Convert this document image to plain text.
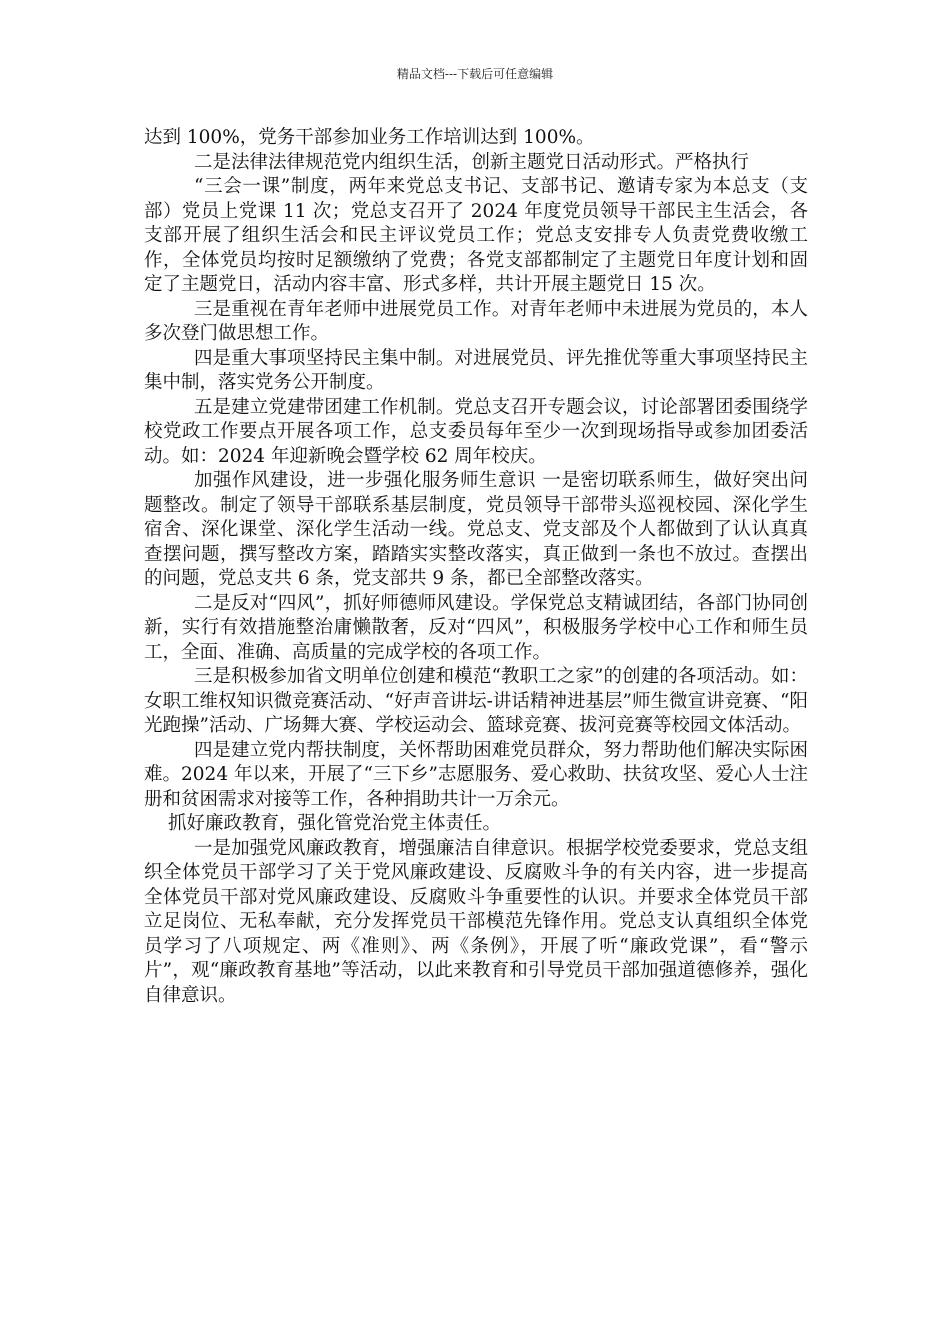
精品文档---下载后可任意编辑

达到 100%，党务干部参加业务工作培训达到 100%。

二是法律法律规范党内组织生活，创新主题党日活动形式。严格执行

“三会一课”制度，两年来党总支书记、支部书记、邀请专家为本总支（支部）党员上党课 11 次；党总支召开了 2024 年度党员领导干部民主生活会，各支部开展了组织生活会和民主评议党员工作；党总支安排专人负责党费收缴工作，全体党员均按时足额缴纳了党费；各党支部都制定了主题党日年度计划和固定了主题党日，活动内容丰富、形式多样，共计开展主题党日 15 次。

三是重视在青年老师中进展党员工作。对青年老师中未进展为党员的，本人多次登门做思想工作。

四是重大事项坚持民主集中制。对进展党员、评先推优等重大事项坚持民主集中制，落实党务公开制度。

五是建立党建带团建工作机制。党总支召开专题会议，讨论部署团委围绕学校党政工作要点开展各项工作，总支委员每年至少一次到现场指导或参加团委活动。如：2024 年迎新晚会暨学校 62 周年校庆。

加强作风建设，进一步强化服务师生意识 一是密切联系师生，做好突出问题整改。制定了领导干部联系基层制度，党员领导干部带头巡视校园、深化学生宿舍、深化课堂、深化学生活动一线。党总支、党支部及个人都做到了认认真真查摆问题，撰写整改方案，踏踏实实整改落实，真正做到一条也不放过。查摆出的问题，党总支共 6 条，党支部共 9 条，都已全部整改落实。

二是反对“四风”，抓好师德师风建设。学保党总支精诚团结，各部门协同创新，实行有效措施整治庸懒散奢，反对“四风”，积极服务学校中心工作和师生员工，全面、准确、高质量的完成学校的各项工作。

三是积极参加省文明单位创建和模范“教职工之家”的创建的各项活动。如：女职工维权知识微竞赛活动、“好声音讲坛-讲话精神进基层”师生微宣讲竞赛、“阳光跑操”活动、广场舞大赛、学校运动会、篮球竞赛、拔河竞赛等校园文体活动。

四是建立党内帮扶制度，关怀帮助困难党员群众，努力帮助他们解决实际困难。2024 年以来，开展了“三下乡”志愿服务、爱心救助、扶贫攻坚、爱心人士注册和贫困需求对接等工作，各种捐助共计一万余元。

抓好廉政教育，强化管党治党主体责任。

一是加强党风廉政教育，增强廉洁自律意识。根据学校党委要求，党总支组织全体党员干部学习了关于党风廉政建设、反腐败斗争的有关内容，进一步提高全体党员干部对党风廉政建设、反腐败斗争重要性的认识。并要求全体党员干部立足岗位、无私奉献，充分发挥党员干部模范先锋作用。党总支认真组织全体党员学习了八项规定、两《准则》、两《条例》，开展了听“廉政党课”，看“警示片”，观“廉政教育基地”等活动，以此来教育和引导党员干部加强道德修养，强化自律意识。
